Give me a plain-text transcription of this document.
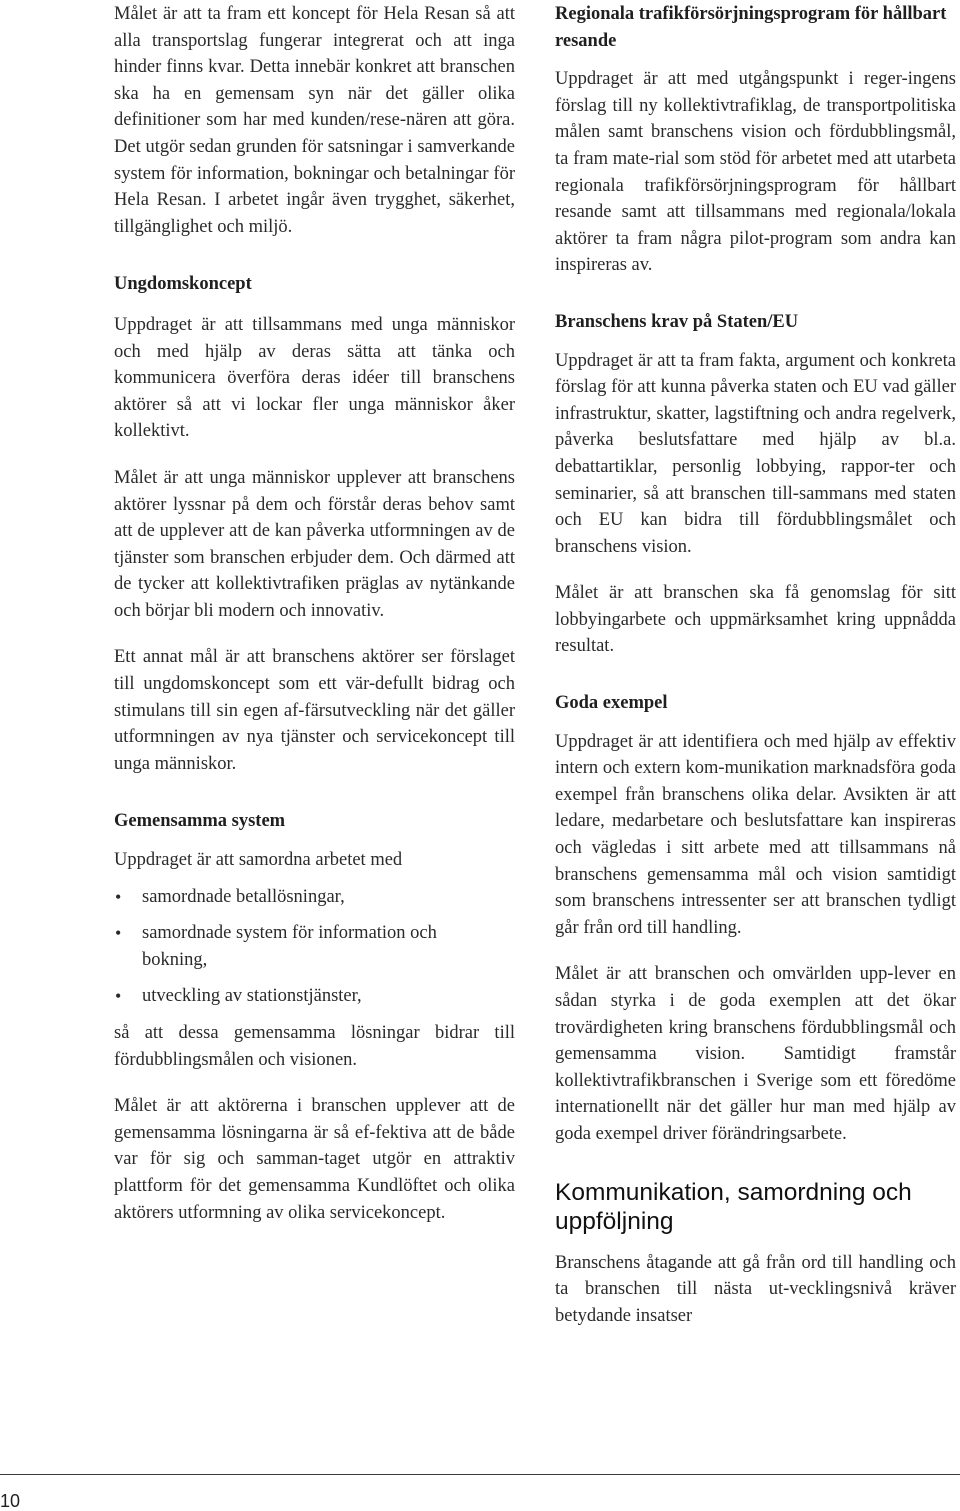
Målet är att ta fram ett koncept för Hela Resan så att alla transportslag fungerar integrerat och att inga hinder finns kvar. Detta innebär konkret att branschen ska ha en gemensam syn när det gäller olika definitioner som har med kunden/rese-nären att göra. Det utgör sedan grunden för satsningar i samverkande system för information, bokningar och betalningar för Hela Resan. I arbetet ingår även trygghet, säkerhet, tillgänglighet och miljö.

Ungdomskoncept

Uppdraget är att tillsammans med unga människor och med hjälp av deras sätta att tänka och kommunicera överföra deras idéer till branschens aktörer så att vi lockar fler unga människor åker kollektivt.

Målet är att unga människor upplever att branschens aktörer lyssnar på dem och förstår deras behov samt att de upplever att de kan påverka utformningen av de tjänster som branschen erbjuder dem. Och därmed att de tycker att kollektivtrafiken präglas av nytänkande och börjar bli modern och innovativ.

Ett annat mål är att branschens aktörer ser förslaget till ungdomskoncept som ett vär-defullt bidrag och stimulans till sin egen af-färsutveckling när det gäller utformningen av nya tjänster och servicekoncept till unga människor.

Gemensamma system

Uppdraget är att samordna arbetet med

• samordnade betallösningar,
• samordnade system för information och bokning,
• utveckling av stationstjänster,

så att dessa gemensamma lösningar bidrar till fördubblingsmålen och visionen.

Målet är att aktörerna i branschen upplever att de gemensamma lösningarna är så ef-fektiva att de både var för sig och samman-taget utgör en attraktiv plattform för det gemensamma Kundlöftet och olika aktörers utformning av olika servicekoncept.

Regionala trafikförsörjningsprogram för hållbart resande

Uppdraget är att med utgångspunkt i reger-ingens förslag till ny kollektivtrafiklag, de transportpolitiska målen samt branschens vision och fördubblingsmål, ta fram mate-rial som stöd för arbetet med att utarbeta regionala trafikförsörjningsprogram för hållbart resande samt att tillsammans med regionala/lokala aktörer ta fram några pilot-program som andra kan inspireras av.

Branschens krav på Staten/EU

Uppdraget är att ta fram fakta, argument och konkreta förslag för att kunna påverka staten och EU vad gäller infrastruktur, skatter, lagstiftning och andra regelverk, påverka beslutsfattare med hjälp av bl.a. debattartiklar, personlig lobbying, rappor-ter och seminarier, så att branschen till-sammans med staten och EU kan bidra till fördubblingsmålet och branschens vision.

Målet är att branschen ska få genomslag för sitt lobbyingarbete och uppmärksamhet kring uppnådda resultat.

Goda exempel

Uppdraget är att identifiera och med hjälp av effektiv intern och extern kom-munikation marknadsföra goda exempel från branschens olika delar. Avsikten är att ledare, medarbetare och beslutsfattare kan inspireras och vägledas i sitt arbete med att tillsammans nå branschens gemensamma mål och vision samtidigt som branschens intressenter ser att branschen tydligt går från ord till handling.

Målet är att branschen och omvärlden upp-lever en sådan styrka i de goda exemplen att det ökar trovärdigheten kring branschens fördubblingsmål och gemensamma vision. Samtidigt framstår kollektivtrafikbranschen i Sverige som ett föredöme internationellt när det gäller hur man med hjälp av goda exempel driver förändringsarbete.

Kommunikation, samordning och uppföljning

Branschens åtagande att gå från ord till handling och ta branschen till nästa ut-vecklingsnivå kräver betydande insatser

10
